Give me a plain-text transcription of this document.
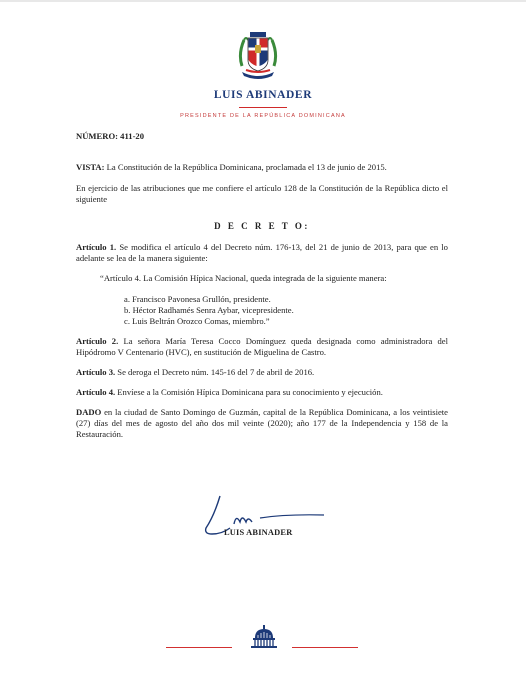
LUIS ABINADER
PRESIDENTE DE LA REPÚBLICA DOMINICANA

NÚMERO: 411-20

VISTA: La Constitución de la República Dominicana, proclamada el 13 de junio de 2015.

En ejercicio de las atribuciones que me confiere el artículo 128 de la Constitución de la República dicto el siguiente

D E C R E T O:

Artículo 1. Se modifica el artículo 4 del Decreto núm. 176-13, del 21 de junio de 2013, para que en lo adelante se lea de la manera siguiente:

“Artículo 4. La Comisión Hípica Nacional, queda integrada de la siguiente manera:

a. Francisco Pavonesa Grullón, presidente.
b. Héctor Radhamés Senra Aybar, vicepresidente.
c. Luis Beltrán Orozco Comas, miembro.”

Artículo 2. La señora María Teresa Cocco Domínguez queda designada como administradora del Hipódromo V Centenario (HVC), en sustitución de Miguelina de Castro.

Artículo 3. Se deroga el Decreto núm. 145-16 del 7 de abril de 2016.

Artículo 4. Envíese a la Comisión Hípica Dominicana para su conocimiento y ejecución.

DADO en la ciudad de Santo Domingo de Guzmán, capital de la República Dominicana, a los veintisiete (27) días del mes de agosto del año dos mil veinte (2020); año 177 de la Independencia y 158 de la Restauración.

LUIS ABINADER
